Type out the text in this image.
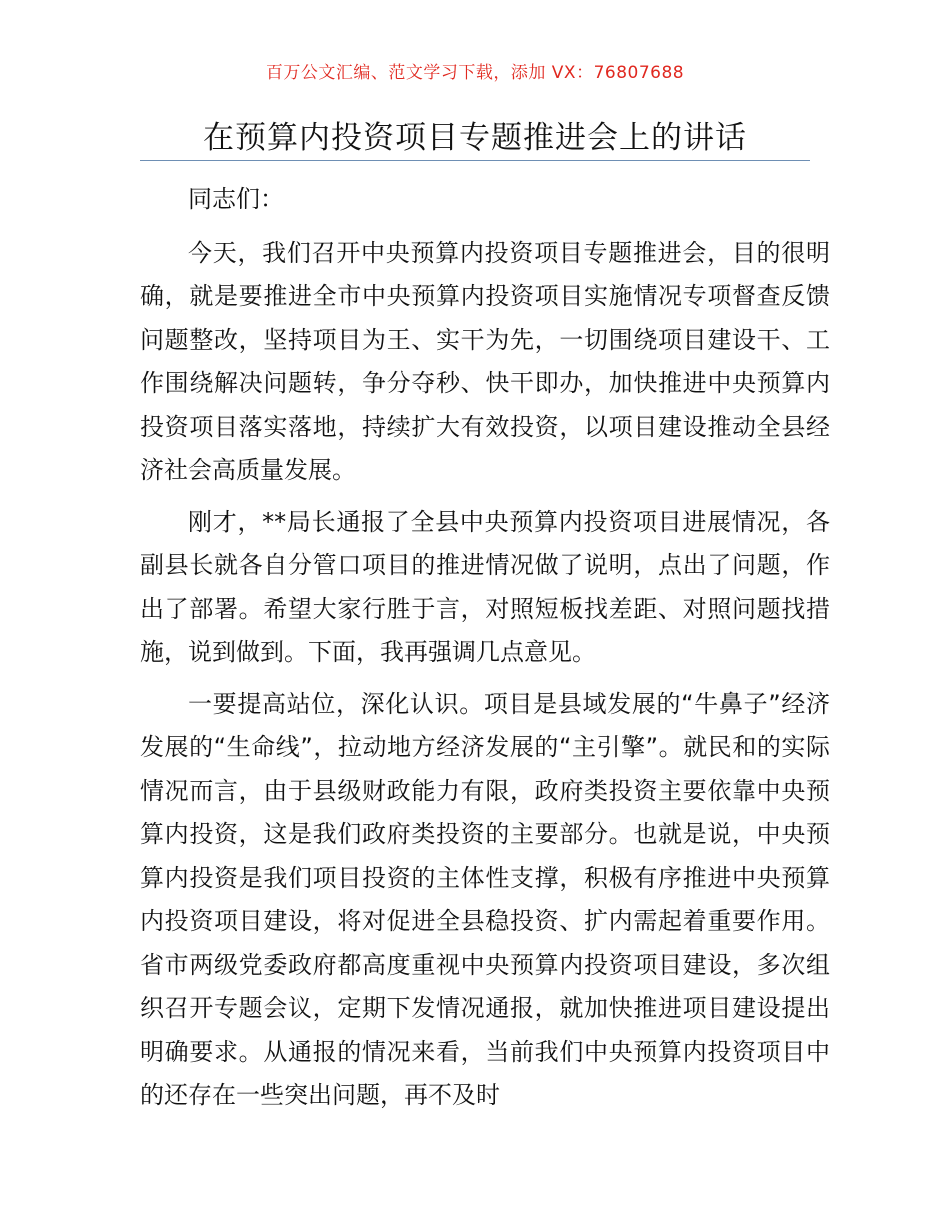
百万公文汇编、范文学习下载，添加 VX：76807688
在预算内投资项目专题推进会上的讲话

同志们：

今天，我们召开中央预算内投资项目专题推进会，目的很明确，就是要推进全市中央预算内投资项目实施情况专项督查反馈问题整改，坚持项目为王、实干为先，一切围绕项目建设干、工作围绕解决问题转，争分夺秒、快干即办，加快推进中央预算内投资项目落实落地，持续扩大有效投资，以项目建设推动全县经济社会高质量发展。

刚才，**局长通报了全县中央预算内投资项目进展情况，各副县长就各自分管口项目的推进情况做了说明，点出了问题，作出了部署。希望大家行胜于言，对照短板找差距、对照问题找措施，说到做到。下面，我再强调几点意见。

一要提高站位，深化认识。项目是县域发展的“牛鼻子”经济发展的“生命线”，拉动地方经济发展的“主引擎”。就民和的实际情况而言，由于县级财政能力有限，政府类投资主要依靠中央预算内投资，这是我们政府类投资的主要部分。也就是说，中央预算内投资是我们项目投资的主体性支撑，积极有序推进中央预算内投资项目建设，将对促进全县稳投资、扩内需起着重要作用。省市两级党委政府都高度重视中央预算内投资项目建设，多次组织召开专题会议，定期下发情况通报，就加快推进项目建设提出明确要求。从通报的情况来看，当前我们中央预算内投资项目中的还存在一些突出问题，再不及时
